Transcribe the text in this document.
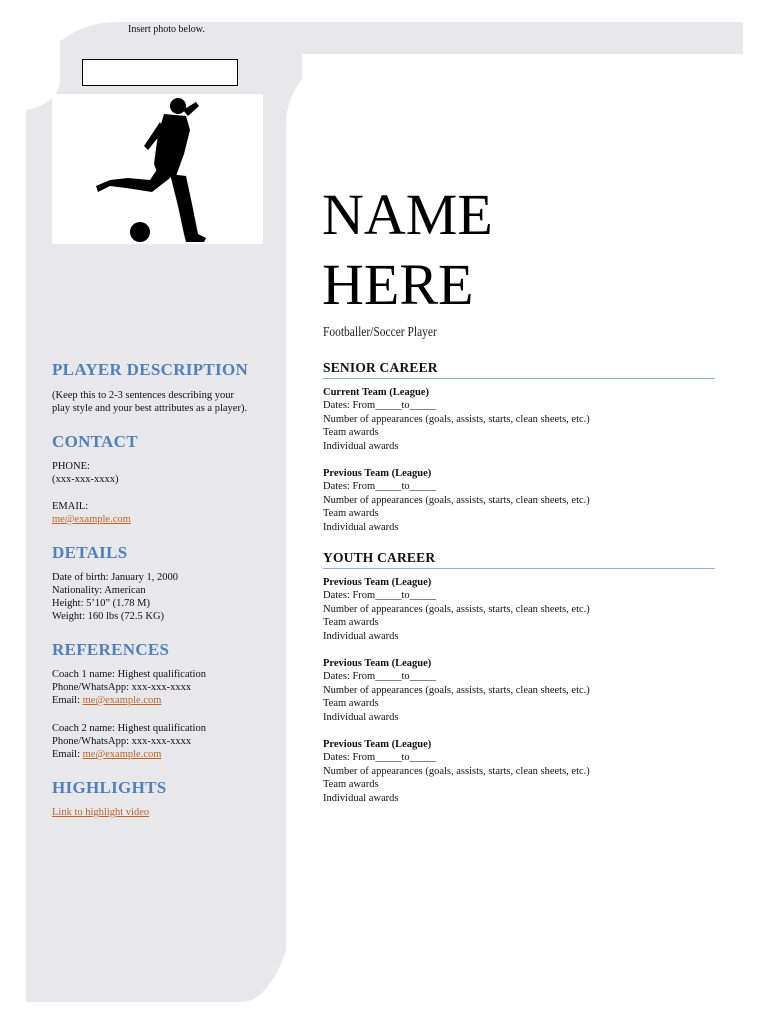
Insert photo below.
PLAYER DESCRIPTION
(Keep this to 2-3 sentences describing your
play style and your best attributes as a player).
CONTACT
PHONE:
(xxx-xxx-xxxx)
EMAIL:
me@example.com
DETAILS
Date of birth: January 1, 2000
Nationality: American
Height: 5’10” (1.78 M)
Weight: 160 lbs (72.5 KG)
REFERENCES
Coach 1 name: Highest qualification
Phone/WhatsApp: xxx-xxx-xxxx
Email: me@example.com
Coach 2 name: Highest qualification
Phone/WhatsApp: xxx-xxx-xxxx
Email: me@example.com
HIGHLIGHTS
Link to highlight video
NAME
HERE
Footballer/Soccer Player
SENIOR CAREER
Current Team (League)
Dates: From_____to_____
Number of appearances (goals, assists, starts, clean sheets, etc.)
Team awards
Individual awards
Previous Team (League)
Dates: From_____to_____
Number of appearances (goals, assists, starts, clean sheets, etc.)
Team awards
Individual awards
YOUTH CAREER
Previous Team (League)
Dates: From_____to_____
Number of appearances (goals, assists, starts, clean sheets, etc.)
Team awards
Individual awards
Previous Team (League)
Dates: From_____to_____
Number of appearances (goals, assists, starts, clean sheets, etc.)
Team awards
Individual awards
Previous Team (League)
Dates: From_____to_____
Number of appearances (goals, assists, starts, clean sheets, etc.)
Team awards
Individual awards
